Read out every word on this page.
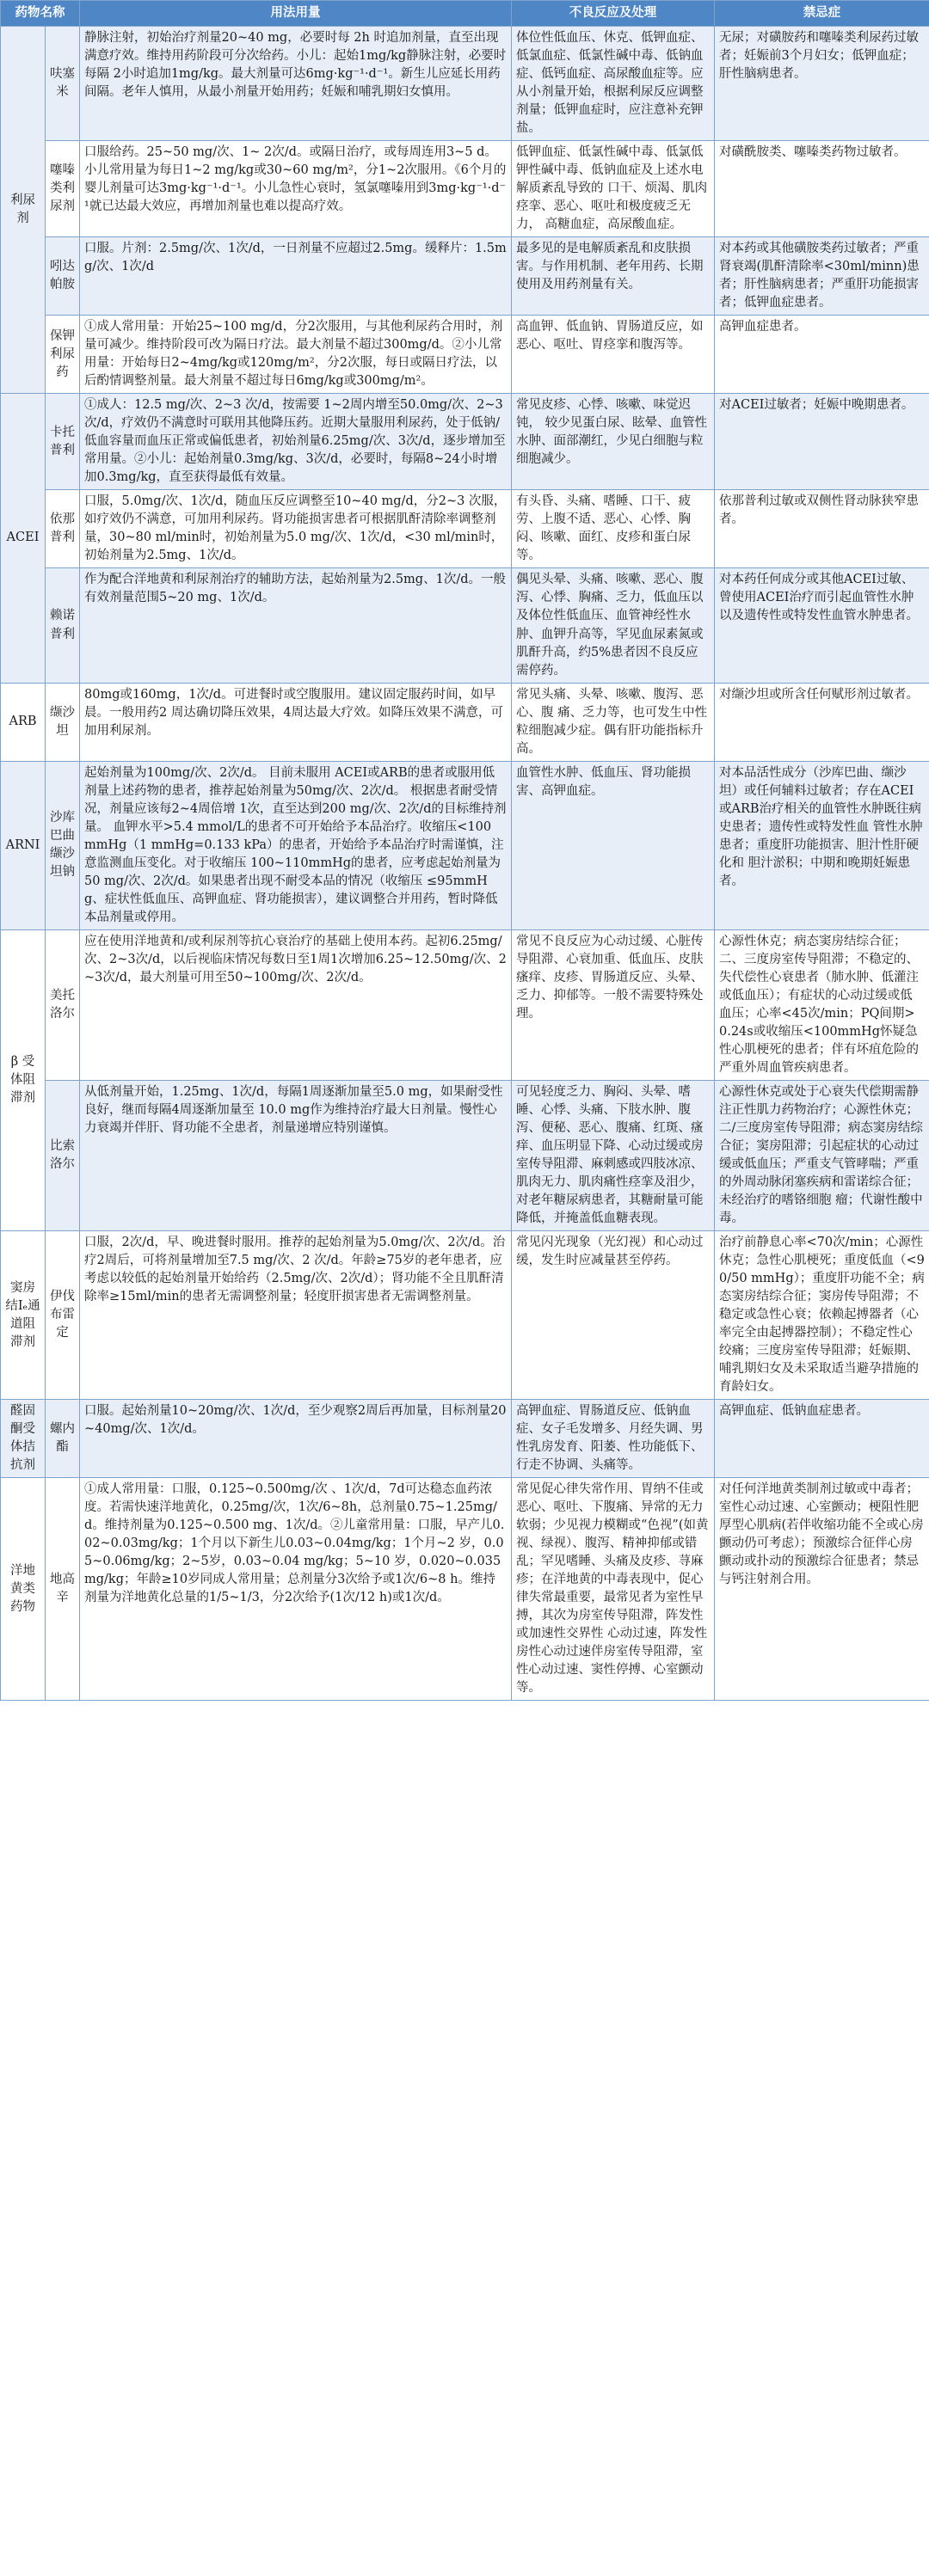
药物名称		用法用量	不良反应及处理	禁忌症
利尿剂	呋塞米	静脉注射，初始治疗剂量20~40 mg，必要时每 2h 时追加剂量，直至出现满意疗效。维持用药阶段可分次给药。小儿：起始1mg/kg静脉注射，必要时每隔 2小时追加1mg/kg。最大剂量可达6mg·kg⁻¹·d⁻¹。新生儿应延长用药间隔。老年人慎用，从最小剂量开始用药；妊娠和哺乳期妇女慎用。	体位性低血压、休克、低钾血症、低氯血症、低氯性碱中毒、低钠血症、低钙血症、高尿酸血症等。应从小剂量开始，根据利尿反应调整剂量；低钾血症时，应注意补充钾盐。	无尿；对磺胺药和噻嗪类利尿药过敏者；妊娠前3个月妇女；低钾血症；肝性脑病患者。
	噻嗪类利尿剂	口服给药。25~50 mg/次、1~ 2次/d。或隔日治疗，或每周连用3~5 d。小儿常用量为每日1~2 mg/kg或30~60 mg/m²，分1~2次服用。《6个月的婴儿剂量可达3mg·kg⁻¹·d⁻¹。小儿急性心衰时，氢氯噻嗪用到3mg·kg⁻¹·d⁻¹就已达最大效应，再增加剂量也难以提高疗效。	低钾血症、低氯性碱中毒、低氯低 钾性碱中毒、低钠血症及上述水电解质紊乱导致的 口干、烦渴、肌肉痉挛、恶心、呕吐和极度疲乏无力， 高糖血症，高尿酸血症。	对磺酰胺类、噻嗪类药物过敏者。
	吲达帕胺	口服。片剂：2.5mg/次、1次/d，一日剂量不应超过2.5mg。缓释片：1.5mg/次、1次/d	最多见的是电解质紊乱和皮肤损害。与作用机制、老年用药、长期使用及用药剂量有关。	对本药或其他磺胺类药过敏者；严重肾衰竭(肌酐清除率<30ml/minn)患者；肝性脑病患者；严重肝功能损害者；低钾血症患者。
	保钾利尿药	①成人常用量：开始25~100 mg/d，分2次服用，与其他利尿药合用时，剂量可减少。维持阶段可改为隔日疗法。最大剂量不超过300mg/d。②小儿常用量：开始每日2~4mg/kg或120mg/m²，分2次服，每日或隔日疗法，以后酌情调整剂量。最大剂量不超过每日6mg/kg或300mg/m²。	高血钾、低血钠、胃肠道反应，如 恶心、呕吐、胃痉挛和腹泻等。	高钾血症患者。
ACEI	卡托普利	①成人：12.5 mg/次、2~3 次/d，按需要 1~2周内增至50.0mg/次、2~3次/d，疗效仍不满意时可联用其他降压药。近期大量服用利尿药，处于低钠/低血容量而血压正常或偏低患者，初始剂量6.25mg/次、3次/d，逐步增加至常用量。②小儿：起始剂量0.3mg/kg、3次/d，必要时，每隔8~24小时增加0.3mg/kg，直至获得最低有效量。	常见皮疹、心悸、咳嗽、味觉迟钝， 较少见蛋白尿、眩晕、血管性水肿、面部潮红，少见白细胞与粒细胞减少。	对ACEI过敏者；妊娠中晚期患者。
	依那普利	口服，5.0mg/次、1次/d，随血压反应调整至10~40 mg/d，分2~3 次服，如疗效仍不满意，可加用利尿药。肾功能损害患者可根据肌酐清除率调整剂量，30~80 ml/min时，初始剂量为5.0 mg/次、1次/d，<30 ml/min时，初始剂量为2.5mg、1次/d。	有头昏、头痛、嗜睡、口干、疲劳、上腹不适、恶心、心悸、胸闷、咳嗽、面红、皮疹和蛋白尿等。	依那普利过敏或双侧性肾动脉狭窄患者。
	赖诺普利	作为配合洋地黄和利尿剂治疗的辅助方法，起始剂量为2.5mg、1次/d。一般有效剂量范围5~20 mg、1次/d。	偶见头晕、头痛、咳嗽、恶心、腹泻、心悸、胸痛、乏力，低血压以及体位性低血压、血管神经性水肿、血钾升高等，罕见血尿素氮或肌酐升高，约5%患者因不良反应需停药。	对本药任何成分或其他ACEI过敏、曾使用ACEI治疗而引起血管性水肿以及遗传性或特发性血管水肿患者。
ARB	缬沙坦	80mg或160mg，1次/d。可进餐时或空腹服用。建议固定服药时间，如早晨。一般用药2 周达确切降压效果，4周达最大疗效。如降压效果不满意，可加用利尿剂。	常见头痛、头晕、咳嗽、腹泻、恶心、腹 痛、乏力等，也可发生中性粒细胞减少症。偶有肝功能指标升高。	对缬沙坦或所含任何赋形剂过敏者。
ARNI	沙库巴曲缬沙坦钠	起始剂量为100mg/次、2次/d。 目前未服用 ACEI或ARB的患者或服用低剂量上述药物的患者，推荐起始剂量为50mg/次、2次/d。 根据患者耐受情况，剂量应该每2~4周倍增 1次，直至达到200 mg/次、2次/d的目标维持剂量。 血钾水平>5.4 mmol/L的患者不可开始给予本品治疗。收缩压<100 mmHg（1 mmHg=0.133 kPa）的患者，开始给予本品治疗时需谨慎，注意监测血压变化。对于收缩压 100~110mmHg的患者，应考虑起始剂量为50 mg/次、2次/d。如果患者出现不耐受本品的情况（收缩压 ≤95mmHg、症状性低血压、高钾血症、肾功能损害），建议调整合并用药，暂时降低本品剂量或停用。	血管性水肿、低血压、肾功能损害、高钾血症。	对本品活性成分（沙库巴曲、缬沙坦）或任何辅料过敏者；存在ACEI或ARB治疗相关的血管性水肿既往病史患者；遗传性或特发性血 管性水肿患者；重度肝功能损害、胆汁性肝硬化和 胆汁淤积；中期和晚期妊娠患者。
β 受体阻滞剂	美托洛尔	应在使用洋地黄和/或利尿剂等抗心衰治疗的基础上使用本药。起初6.25mg/次、2~3次/d，以后视临床情况每数日至1周1次增加6.25~12.50mg/次、2~3次/d，最大剂量可用至50~100mg/次、2次/d。	常见不良反应为心动过缓、心脏传导阻滞、心衰加重、低血压、皮肤瘙痒、皮疹、胃肠道反应、头晕、乏力、抑郁等。一般不需要特殊处理。	心源性休克；病态窦房结综合征；二、三度房室传导阻滞；不稳定的、失代偿性心衰患者（肺水肿、低灌注或低血压）；有症状的心动过缓或低血压；心率<45次/min；PQ间期>0.24s或收缩压<100mmHg怀疑急性心肌梗死的患者；伴有坏疽危险的严重外周血管疾病患者。
	比索洛尔	从低剂量开始，1.25mg、1次/d，每隔1周逐渐加量至5.0 mg，如果耐受性良好，继而每隔4周逐渐加量至 10.0 mg作为维持治疗最大日剂量。慢性心力衰竭并伴肝、肾功能不全患者，剂量递增应特别谨慎。	可见轻度乏力、胸闷、头晕、嗜睡、心悸、头痛、下肢水肿、腹泻、便秘、恶心、腹痛、红斑、瘙痒、血压明显下降、心动过缓或房室传导阻滞、麻刺感或四肢冰凉、肌肉无力、肌肉痛性痉挛及泪少，对老年糖尿病患者，其糖耐量可能降低，并掩盖低血糖表现。	心源性休克或处于心衰失代偿期需静注正性肌力药物治疗；心源性休克；二/三度房室传导阻滞；病态窦房结综合征；窦房阻滞；引起症状的心动过缓或低血压；严重支气管哮喘；严重的外周动脉闭塞疾病和雷诺综合征；未经治疗的嗜铬细胞 瘤；代谢性酸中毒。
窦房结Iₑ通道阻滞剂	伊伐布雷定	口服，2次/d，早、晚进餐时服用。推荐的起始剂量为5.0mg/次、2次/d。治疗2周后，可将剂量增加至7.5 mg/次、2 次/d。年龄≥75岁的老年患者，应考虑以较低的起始剂量开始给药（2.5mg/次、2次/d）；肾功能不全且肌酐清除率≥15ml/min的患者无需调整剂量；轻度肝损害患者无需调整剂量。	常见闪光现象（光幻视）和心动过缓，发生时应减量甚至停药。	治疗前静息心率<70次/min；心源性休克；急性心肌梗死；重度低血（<90/50 mmHg）；重度肝功能不全；病态窦房结综合征；窦房传导阻滞；不稳定或急性心衰；依赖起搏器者（心率完全由起搏器控制）；不稳定性心绞痛；三度房室传导阻滞；妊娠期、哺乳期妇女及未采取适当避孕措施的育龄妇女。
醛固酮受体拮抗剂	螺内酯	口服。起始剂量10~20mg/次、1次/d，至少观察2周后再加量，目标剂量20~40mg/次、1次/d。	高钾血症、胃肠道反应、低钠血症、女子毛发增多、月经失调、男性乳房发育、阳萎、性功能低下、行走不协调、头痛等。	高钾血症、低钠血症患者。
洋地黄类药物	地高辛	①成人常用量：口服，0.125~0.500mg/次 、1次/d，7d可达稳态血药浓度。若需快速洋地黄化，0.25mg/次，1次/6~8h，总剂量0.75~1.25mg/d。维持剂量为0.125~0.500 mg、1次/d。②儿童常用量：口服，早产儿0.02~0.03mg/kg；1个月以下新生儿0.03~0.04mg/kg；1个月~2 岁，0.05~0.06mg/kg；2~5岁，0.03~0.04 mg/kg；5~10 岁，0.020~0.035 mg/kg；年龄≥10岁同成人常用量；总剂量分3次给予或1次/6~8 h。维持剂量为洋地黄化总量的1/5~1/3，分2次给予(1次/12 h)或1次/d。	常见促心律失常作用、胃纳不佳或恶心、呕吐、下腹痛、异常的无力软弱；少见视力模糊或“色视”(如黄视、绿视）、腹泻、精神抑郁或错乱；罕见嗜睡、头痛及皮疹、荨麻疹；在洋地黄的中毒表现中，促心律失常最重要，最常见者为室性早搏，其次为房室传导阻滞，阵发性或加速性交界性 心动过速，阵发性房性心动过速伴房室传导阻滞，室性心动过速、窦性停搏、心室颤动等。	对任何洋地黄类制剂过敏或中毒者；室性心动过速、心室颤动；梗阻性肥厚型心肌病(若伴收缩功能不全或心房颤动仍可考虑）；预激综合征伴心房颤动或扑动的预激综合征患者；禁忌与钙注射剂合用。
